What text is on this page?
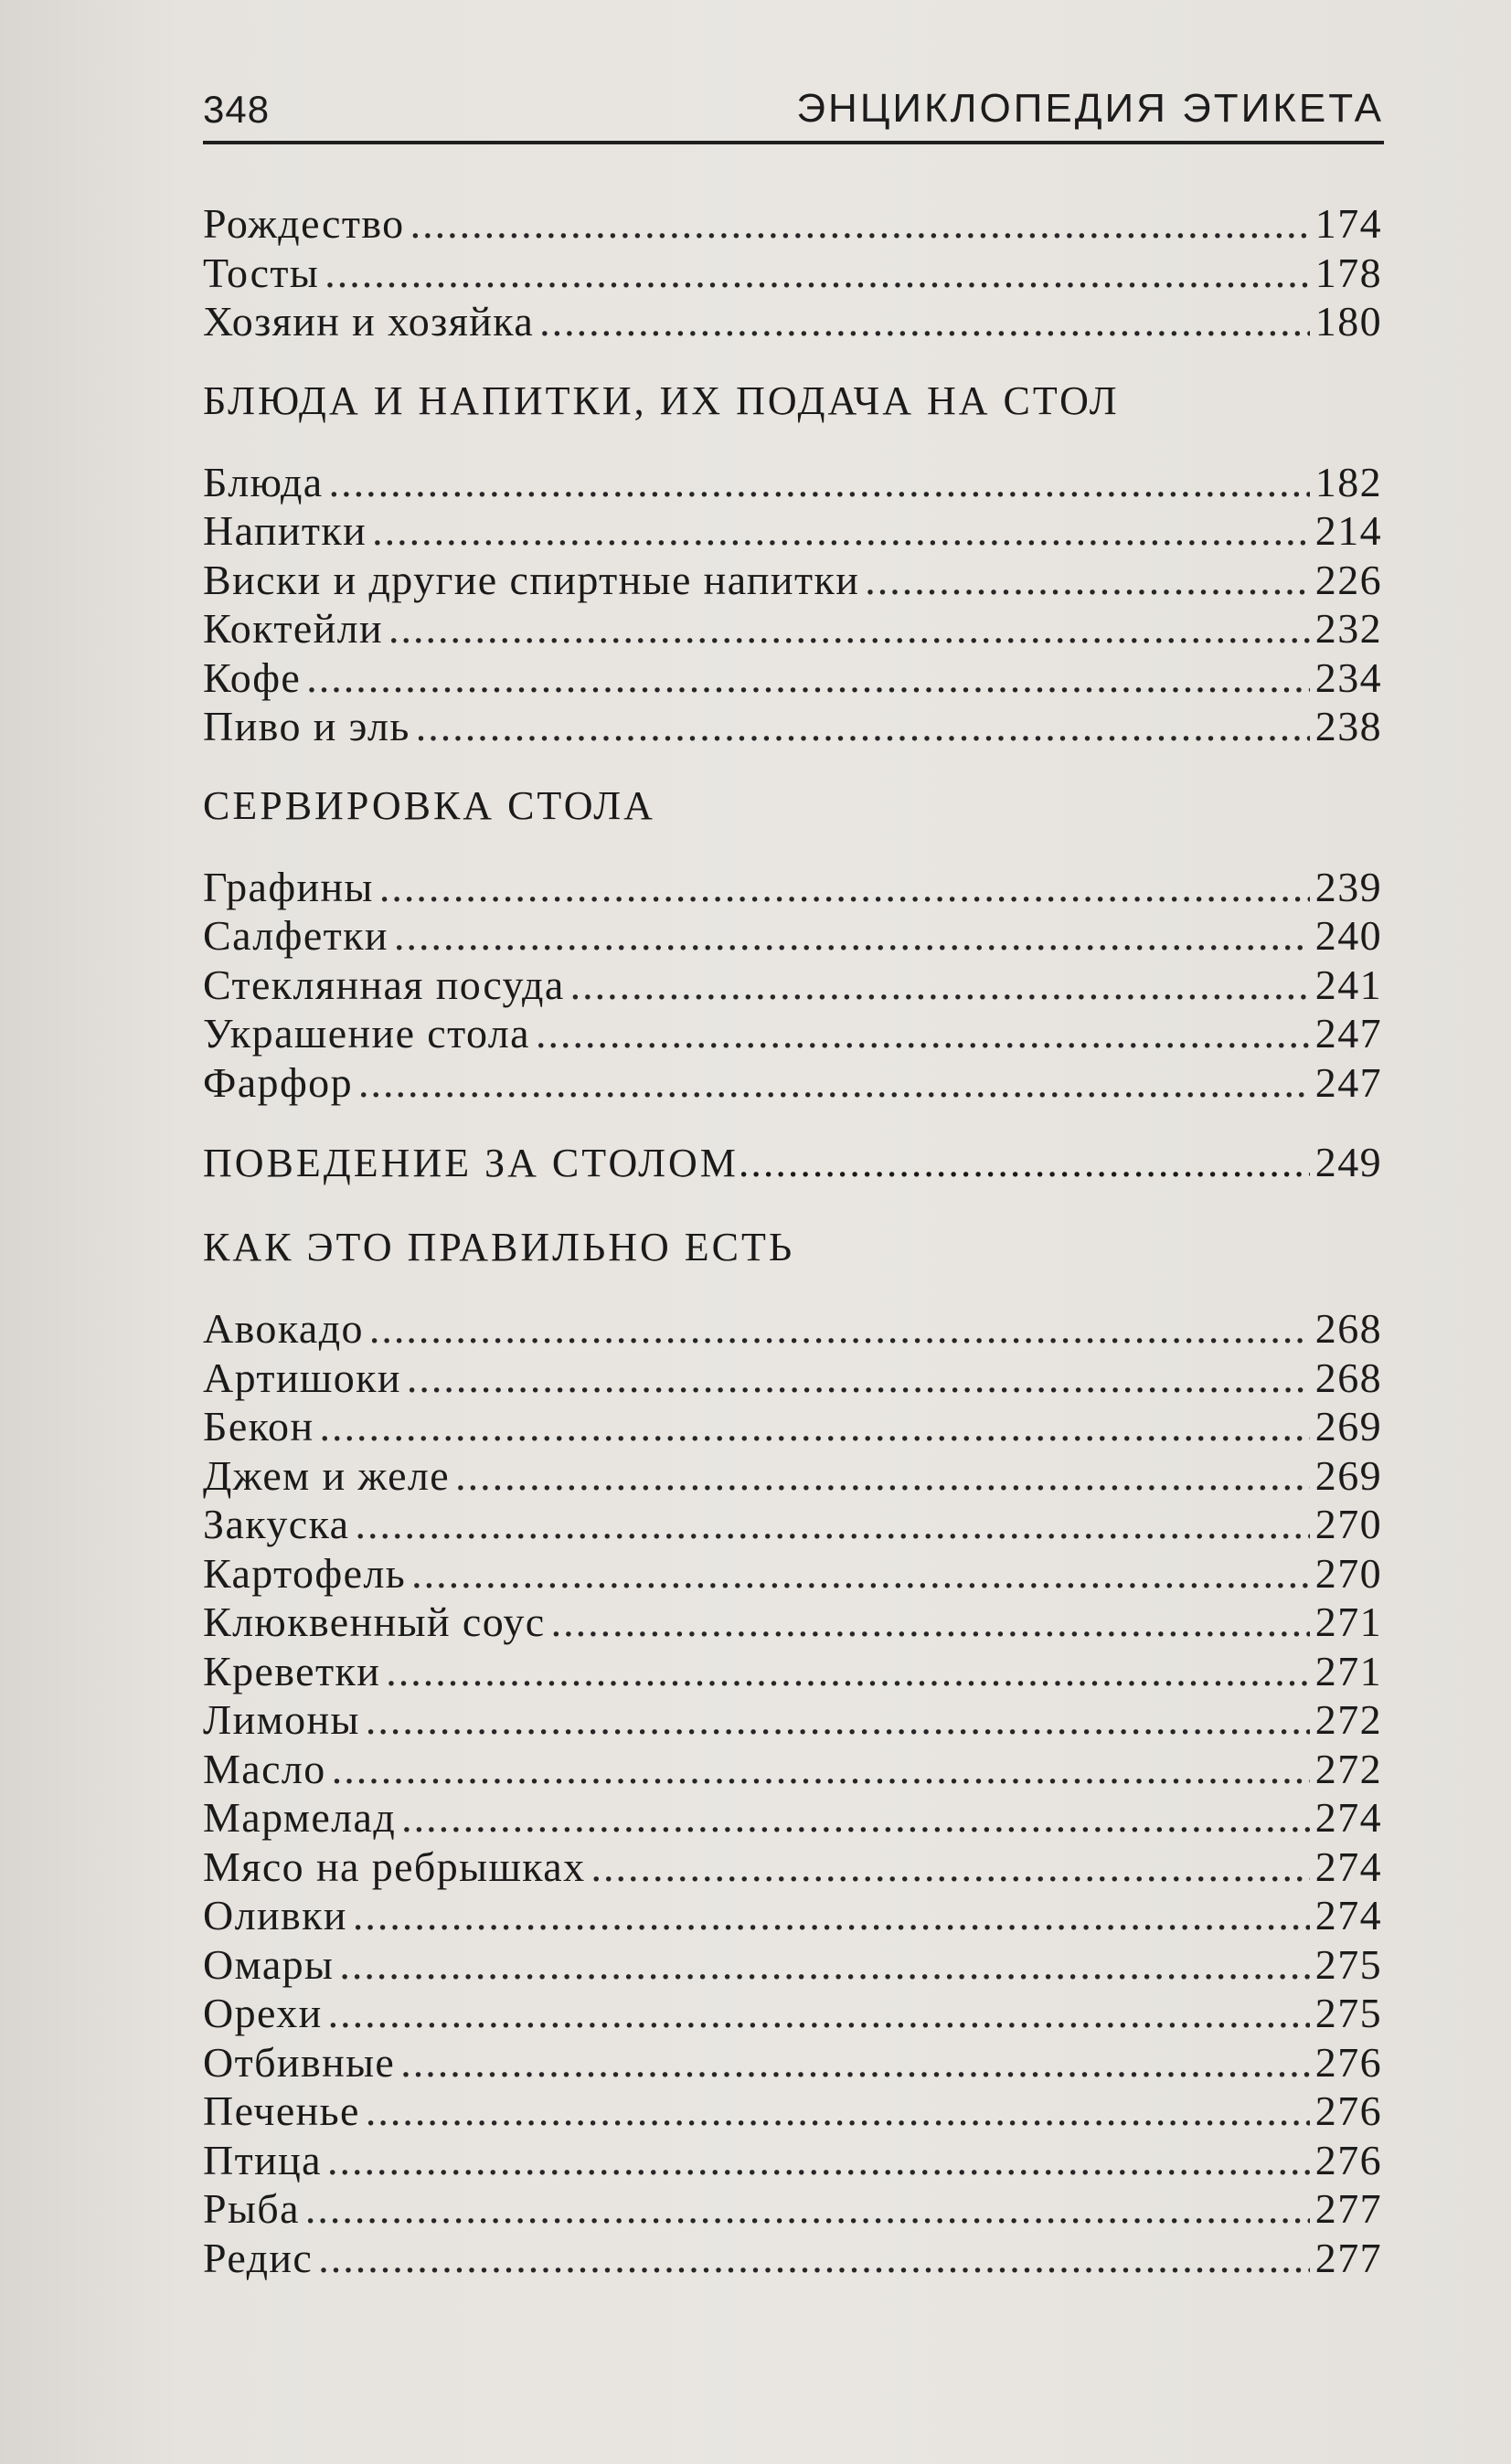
348	ЭНЦИКЛОПЕДИЯ ЭТИКЕТА
Рождество .....	174
Тосты .....	178
Хозяин и хозяйка .....	180
БЛЮДА И НАПИТКИ, ИХ ПОДАЧА НА СТОЛ
Блюда .....	182
Напитки .....	214
Виски и другие спиртные напитки .....	226
Коктейли .....	232
Кофе .....	234
Пиво и эль .....	238
СЕРВИРОВКА СТОЛА
Графины .....	239
Салфетки .....	240
Стеклянная посуда .....	241
Украшение стола .....	247
Фарфор .....	247
ПОВЕДЕНИЕ ЗА СТОЛОМ .....	249
КАК ЭТО ПРАВИЛЬНО ЕСТЬ
Авокадо .....	268
Артишоки .....	268
Бекон .....	269
Джем и желе .....	269
Закуска .....	270
Картофель .....	270
Клюквенный соус .....	271
Креветки .....	271
Лимоны .....	272
Масло .....	272
Мармелад .....	274
Мясо на ребрышках .....	274
Оливки .....	274
Омары .....	275
Орехи .....	275
Отбивные .....	276
Печенье .....	276
Птица .....	276
Рыба .....	277
Редис .....	277
